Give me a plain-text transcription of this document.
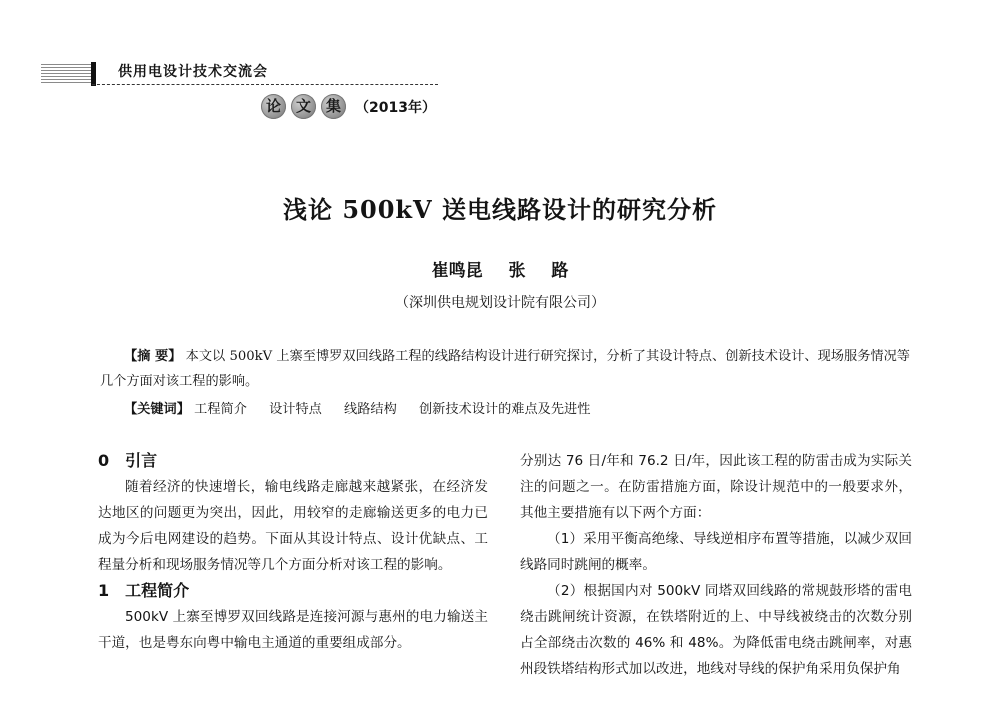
供用电设计技术交流会
论 文 集	（2013年）
浅论 500kV 送电线路设计的研究分析
崔鸣昆 张 路
（深圳供电规划设计院有限公司）
【摘 要】 本文以 500kV 上寨至博罗双回线路工程的线路结构设计进行研究探讨，分析了其设计特点、创新技术设计、现场服务情况等几个方面对该工程的影响。
【关键词】 工程简介 设计特点 线路结构 创新技术设计的难点及先进性
0 引言

随着经济的快速增长，输电线路走廊越来越紧张，在经济发达地区的问题更为突出，因此，用较窄的走廊输送更多的电力已成为今后电网建设的趋势。下面从其设计特点、设计优缺点、工程量分析和现场服务情况等几个方面分析对该工程的影响。

1 工程简介

500kV 上寨至博罗双回线路是连接河源与惠州的电力输送主干道，也是粤东向粤中输电主通道的重要组成部分。

分别达 76 日/年和 76.2 日/年，因此该工程的防雷击成为实际关注的问题之一。在防雷措施方面，除设计规范中的一般要求外，其他主要措施有以下两个方面：

（1）采用平衡高绝缘、导线逆相序布置等措施，以减少双回线路同时跳闸的概率。

（2）根据国内对 500kV 同塔双回线路的常规鼓形塔的雷电绕击跳闸统计资源，在铁塔附近的上、中导线被绕击的次数分别占全部绕击次数的 46% 和 48%。为降低雷电绕击跳闸率，对惠州段铁塔结构形式加以改进，地线对导线的保护角采用负保护角
